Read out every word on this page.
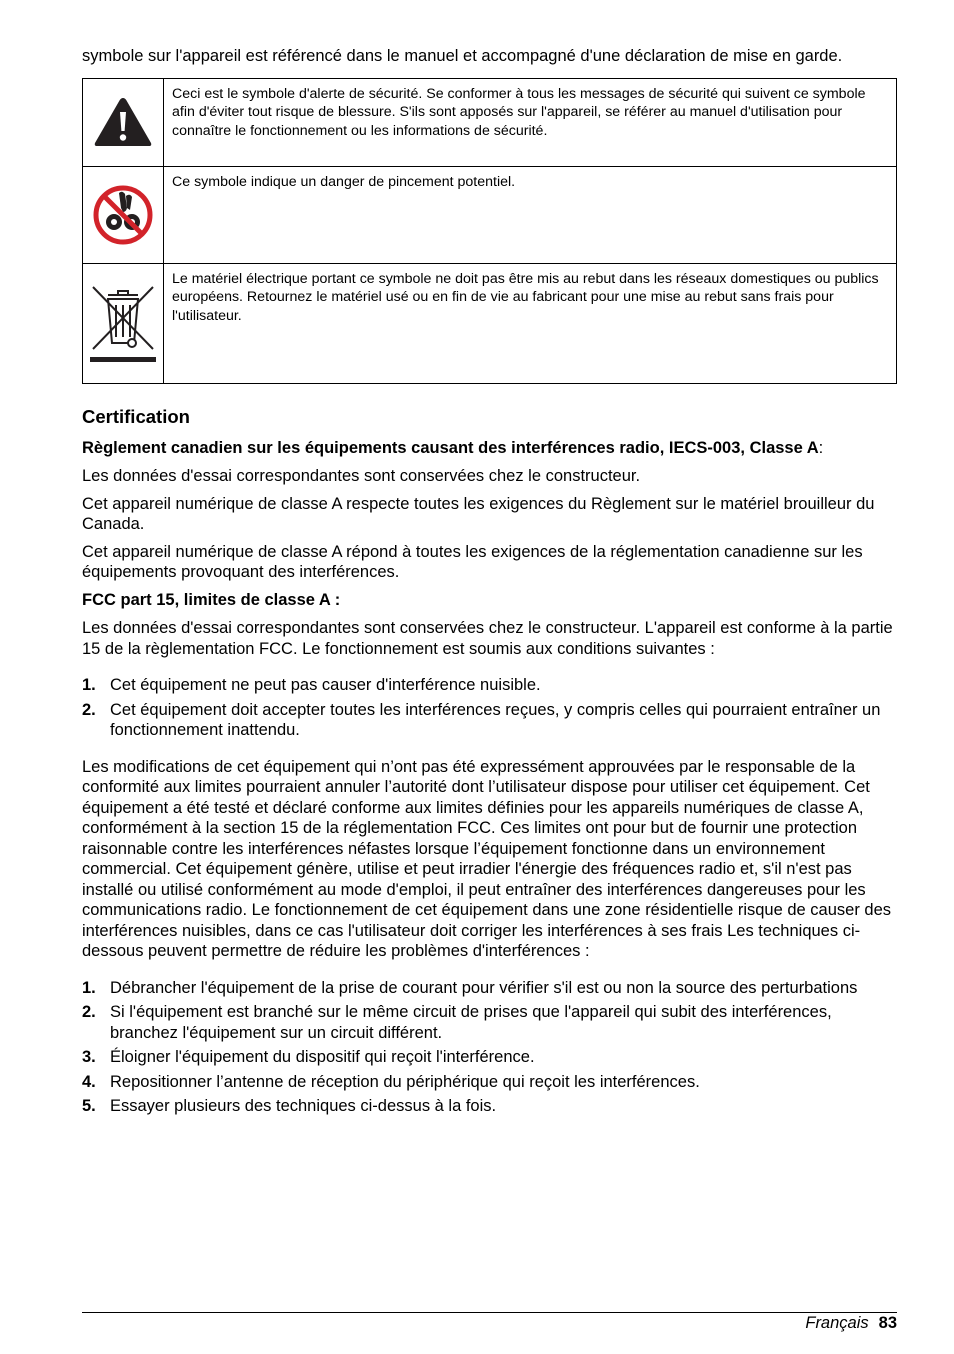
symbole sur l'appareil est référencé dans le manuel et accompagné d'une déclaration de mise en garde.

	Ceci est le symbole d'alerte de sécurité. Se conformer à tous les messages de sécurité qui suivent ce symbole afin d'éviter tout risque de blessure. S'ils sont apposés sur l'appareil, se référer au manuel d'utilisation pour connaître le fonctionnement ou les informations de sécurité.

	Ce symbole indique un danger de pincement potentiel.

	Le matériel électrique portant ce symbole ne doit pas être mis au rebut dans les réseaux domestiques ou publics européens. Retournez le matériel usé ou en fin de vie au fabricant pour une mise au rebut sans frais pour l'utilisateur.
Certification

Règlement canadien sur les équipements causant des interférences radio, IECS-003, Classe A:

Les données d'essai correspondantes sont conservées chez le constructeur.

Cet appareil numérique de classe A respecte toutes les exigences du Règlement sur le matériel brouilleur du Canada.

Cet appareil numérique de classe A répond à toutes les exigences de la réglementation canadienne sur les équipements provoquant des interférences.

FCC part 15, limites de classe A :

Les données d'essai correspondantes sont conservées chez le constructeur. L'appareil est conforme à la partie 15 de la règlementation FCC. Le fonctionnement est soumis aux conditions suivantes :

1. Cet équipement ne peut pas causer d'interférence nuisible.
2. Cet équipement doit accepter toutes les interférences reçues, y compris celles qui pourraient entraîner un fonctionnement inattendu.

Les modifications de cet équipement qui n’ont pas été expressément approuvées par le responsable de la conformité aux limites pourraient annuler l’autorité dont l’utilisateur dispose pour utiliser cet équipement. Cet équipement a été testé et déclaré conforme aux limites définies pour les appareils numériques de classe A, conformément à la section 15 de la réglementation FCC. Ces limites ont pour but de fournir une protection raisonnable contre les interférences néfastes lorsque l’équipement fonctionne dans un environnement commercial. Cet équipement génère, utilise et peut irradier l'énergie des fréquences radio et, s'il n'est pas installé ou utilisé conformément au mode d'emploi, il peut entraîner des interférences dangereuses pour les communications radio. Le fonctionnement de cet équipement dans une zone résidentielle risque de causer des interférences nuisibles, dans ce cas l'utilisateur doit corriger les interférences à ses frais Les techniques ci-dessous peuvent permettre de réduire les problèmes d'interférences :

1. Débrancher l'équipement de la prise de courant pour vérifier s'il est ou non la source des perturbations
2. Si l'équipement est branché sur le même circuit de prises que l'appareil qui subit des interférences, branchez l'équipement sur un circuit différent.
3. Éloigner l'équipement du dispositif qui reçoit l'interférence.
4. Repositionner l’antenne de réception du périphérique qui reçoit les interférences.
5. Essayer plusieurs des techniques ci-dessus à la fois.
Français 83
